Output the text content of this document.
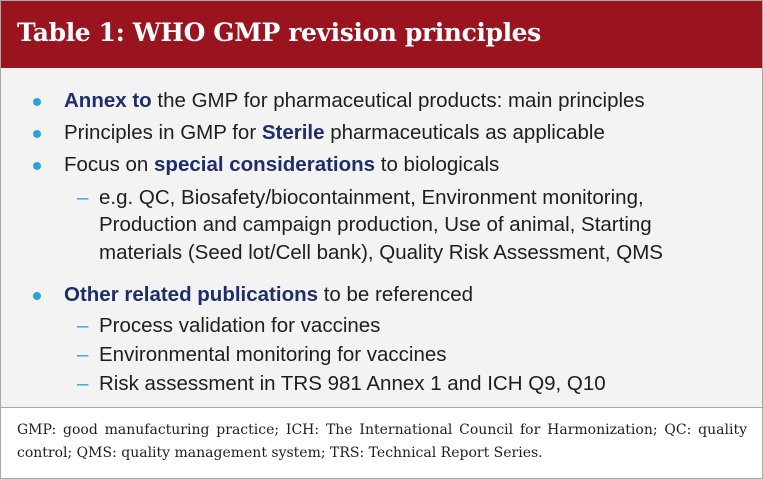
Table 1: WHO GMP revision principles
Annex to the GMP for pharmaceutical products: main principles
Principles in GMP for Sterile pharmaceuticals as applicable
Focus on special considerations to biologicals
– e.g. QC, Biosafety/biocontainment, Environment monitoring,
Production and campaign production, Use of animal, Starting
materials (Seed lot/Cell bank), Quality Risk Assessment, QMS
Other related publications to be referenced
– Process validation for vaccines
– Environmental monitoring for vaccines
– Risk assessment in TRS 981 Annex 1 and ICH Q9, Q10
GMP: good manufacturing practice; ICH: The International Council for Harmonization; QC: quality control; QMS: quality management system; TRS: Technical Report Series.
